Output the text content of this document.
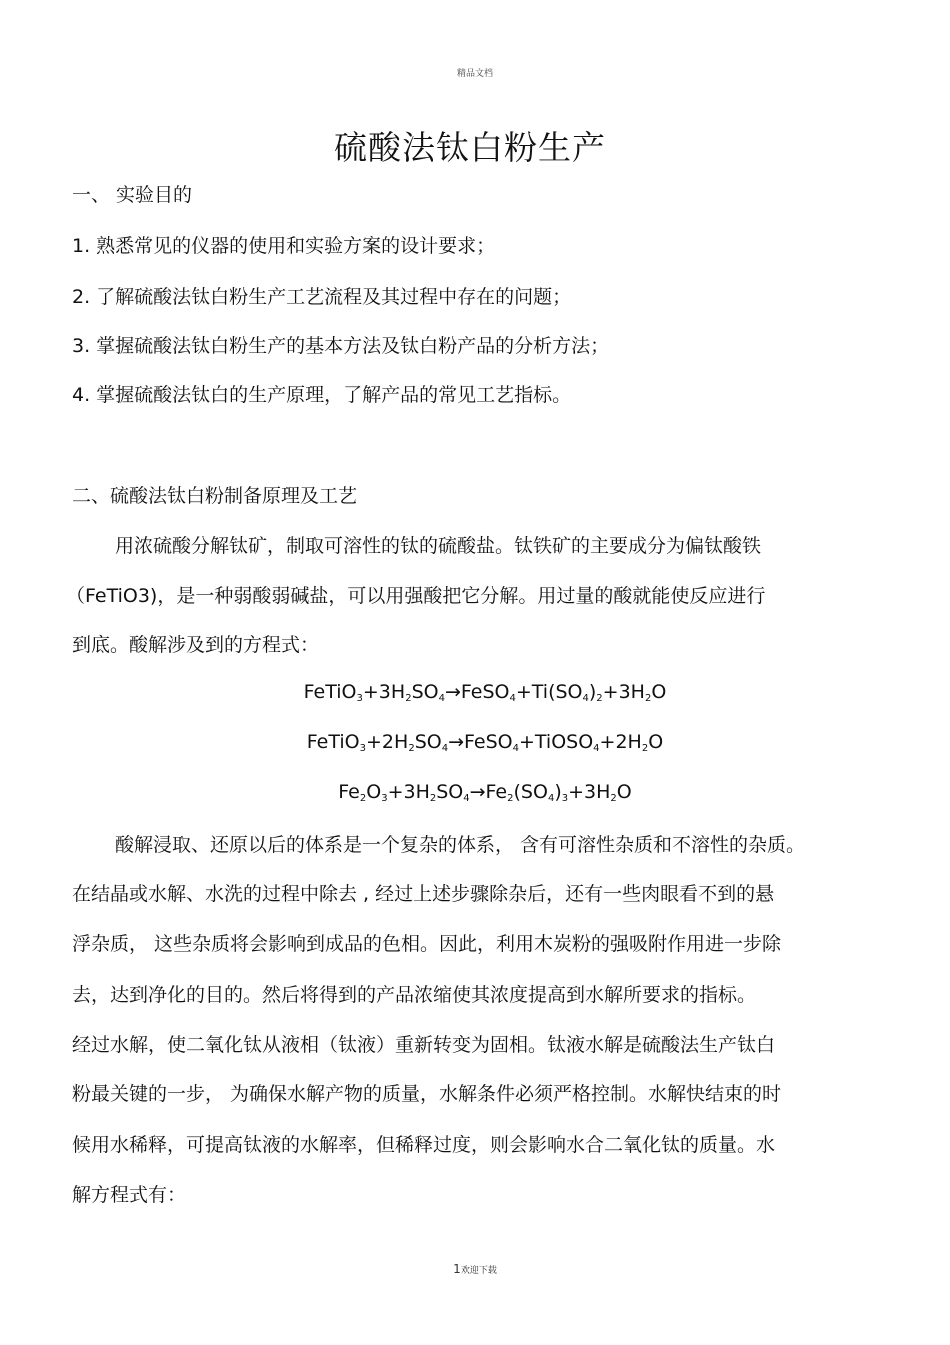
精品文档
硫酸法钛白粉生产
一、 实验目的
1. 熟悉常见的仪器的使用和实验方案的设计要求；
2. 了解硫酸法钛白粉生产工艺流程及其过程中存在的问题；
3. 掌握硫酸法钛白粉生产的基本方法及钛白粉产品的分析方法；
4. 掌握硫酸法钛白的生产原理，了解产品的常见工艺指标。
二、硫酸法钛白粉制备原理及工艺
用浓硫酸分解钛矿，制取可溶性的钛的硫酸盐。钛铁矿的主要成分为偏钛酸铁
（FeTiO3)，是一种弱酸弱碱盐，可以用强酸把它分解。用过量的酸就能使反应进行
到底。酸解涉及到的方程式：
$FeTiO_3+3H_2SO_4\to FeSO_4+Ti(SO_4)_2+3H_2O$
$FeTiO_3+2H_2SO_4\to FeSO_4+TiOSO_4+2H_2O$
$Fe_2O_3+3H_2SO_4\to Fe_2(SO_4)_3+3H_2O$
酸解浸取、还原以后的体系是一个复杂的体系， 含有可溶性杂质和不溶性的杂质。
在结晶或水解、水洗的过程中除去 , 经过上述步骤除杂后，还有一些肉眼看不到的悬
浮杂质， 这些杂质将会影响到成品的色相。因此，利用木炭粉的强吸附作用进一步除
去，达到净化的目的。然后将得到的产品浓缩使其浓度提高到水解所要求的指标。
经过水解，使二氧化钛从液相（钛液）重新转变为固相。钛液水解是硫酸法生产钛白
粉最关键的一步， 为确保水解产物的质量，水解条件必须严格控制。水解快结束的时
候用水稀释，可提高钛液的水解率，但稀释过度，则会影响水合二氧化钛的质量。水
解方程式有：
1欢迎下载
